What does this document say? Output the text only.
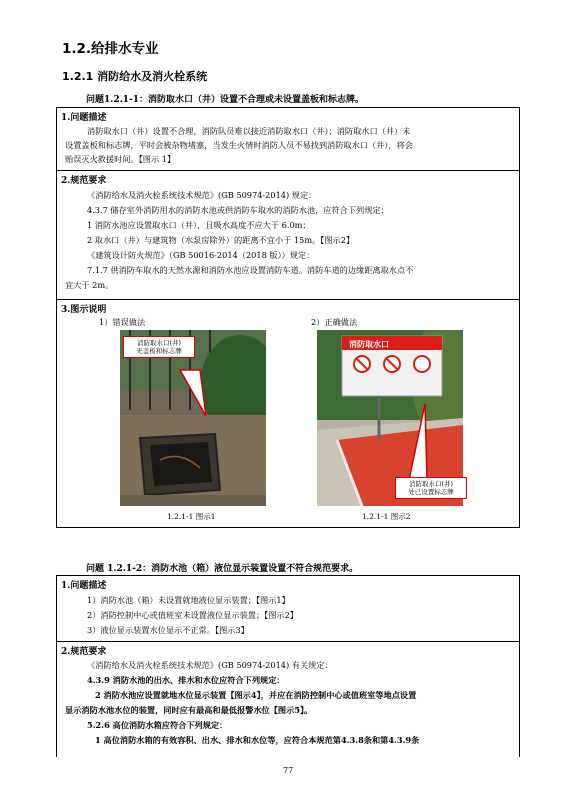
1.2.给排水专业
1.2.1 消防给水及消火栓系统
问题1.2.1-1：消防取水口（井）设置不合理或未设置盖板和标志牌。
1.问题描述
消防取水口（井）设置不合理，消防队员难以接近消防取水口（井）；消防取水口（井）未
设置盖板和标志牌，平时会被杂物堵塞，当发生火情时消防人员不易找到消防取水口（井），将会
贻误灭火救援时间。【图示 1】
2.规范要求
《消防给水及消火栓系统技术规范》(GB 50974-2014) 规定：
4.3.7 储存室外消防用水的消防水池或供消防车取水的消防水池，应符合下列规定：
1 消防水池应设置取水口（井），且吸水高度不应大于 6.0m；
2 取水口（井）与建筑物（水泵房除外）的距离不宜小于 15m。【图示2】
《建筑设计防火规范》（GB 50016-2014（2018 版））规定：
7.1.7 供消防车取水的天然水源和消防水池应设置消防车道。消防车道的边缘距离取水点不
宜大于 2m。
3.图示说明
1）错误做法	2）正确做法
消防取水口(井)
无盖板和标志牌
消防取水口
消防取水口(井)
处已设置标志牌
1.2.1-1 图示1	1.2.1-1 图示2
问题 1.2.1-2：消防水池（箱）液位显示装置设置不符合规范要求。
1.问题描述
1）消防水池（箱）未设置就地液位显示装置；【图示1】
2）消防控制中心或值班室未设置液位显示装置；【图示2】
3）液位显示装置水位显示不正常。【图示3】
2.规范要求
《消防给水及消火栓系统技术规范》(GB 50974-2014) 有关规定：
4.3.9 消防水池的出水、排水和水位应符合下列规定：
2 消防水池应设置就地水位显示装置【图示4】，并应在消防控制中心或值班室等地点设置
显示消防水池水位的装置，同时应有最高和最低报警水位【图示5】。
5.2.6 高位消防水箱应符合下列规定：
1 高位消防水箱的有效容积、出水、排水和水位等，应符合本规范第4.3.8条和第4.3.9条
77
